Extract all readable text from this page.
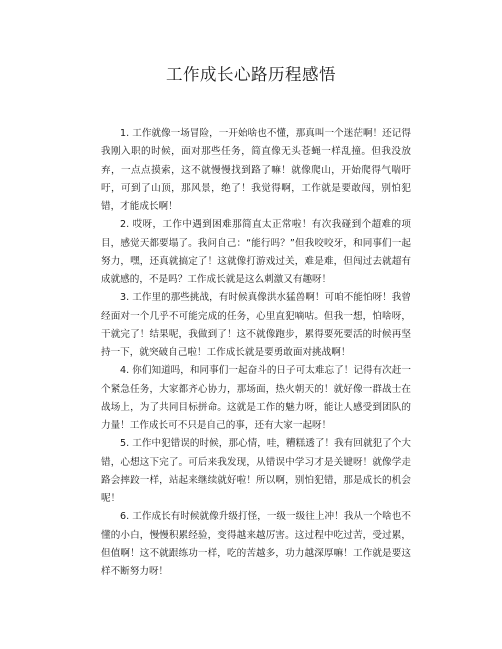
工作成长心路历程感悟

1. 工作就像一场冒险，一开始啥也不懂，那真叫一个迷茫啊！还记得我刚入职的时候，面对那些任务，简直像无头苍蝇一样乱撞。但我没放弃，一点点摸索，这不就慢慢找到路了嘛！就像爬山，开始爬得气喘吁吁，可到了山顶，那风景，绝了！我觉得啊，工作就是要敢闯，别怕犯错，才能成长啊！

2. 哎呀，工作中遇到困难那简直太正常啦！有次我碰到个超难的项目，感觉天都要塌了。我问自己：“能行吗？”但我咬咬牙，和同事们一起努力，嘿，还真就搞定了！这就像打游戏过关，难是难，但闯过去就超有成就感的，不是吗？工作成长就是这么刺激又有趣呀！

3. 工作里的那些挑战，有时候真像洪水猛兽啊！可咱不能怕呀！我曾经面对一个几乎不可能完成的任务，心里直犯嘀咕。但我一想，怕啥呀，干就完了！结果呢，我做到了！这不就像跑步，累得要死要活的时候再坚持一下，就突破自己啦！工作成长就是要勇敢面对挑战啊！

4. 你们知道吗，和同事们一起奋斗的日子可太难忘了！记得有次赶一个紧急任务，大家都齐心协力，那场面，热火朝天的！就好像一群战士在战场上，为了共同目标拼命。这就是工作的魅力呀，能让人感受到团队的力量！工作成长可不只是自己的事，还有大家一起呀！

5. 工作中犯错误的时候，那心情，哇，糟糕透了！我有回就犯了个大错，心想这下完了。可后来我发现，从错误中学习才是关键呀！就像学走路会摔跤一样，站起来继续就好啦！所以啊，别怕犯错，那是成长的机会呢！

6. 工作成长有时候就像升级打怪，一级一级往上冲！我从一个啥也不懂的小白，慢慢积累经验，变得越来越厉害。这过程中吃过苦，受过累，但值啊！这不就跟练功一样，吃的苦越多，功力越深厚嘛！工作就是要这样不断努力呀！
